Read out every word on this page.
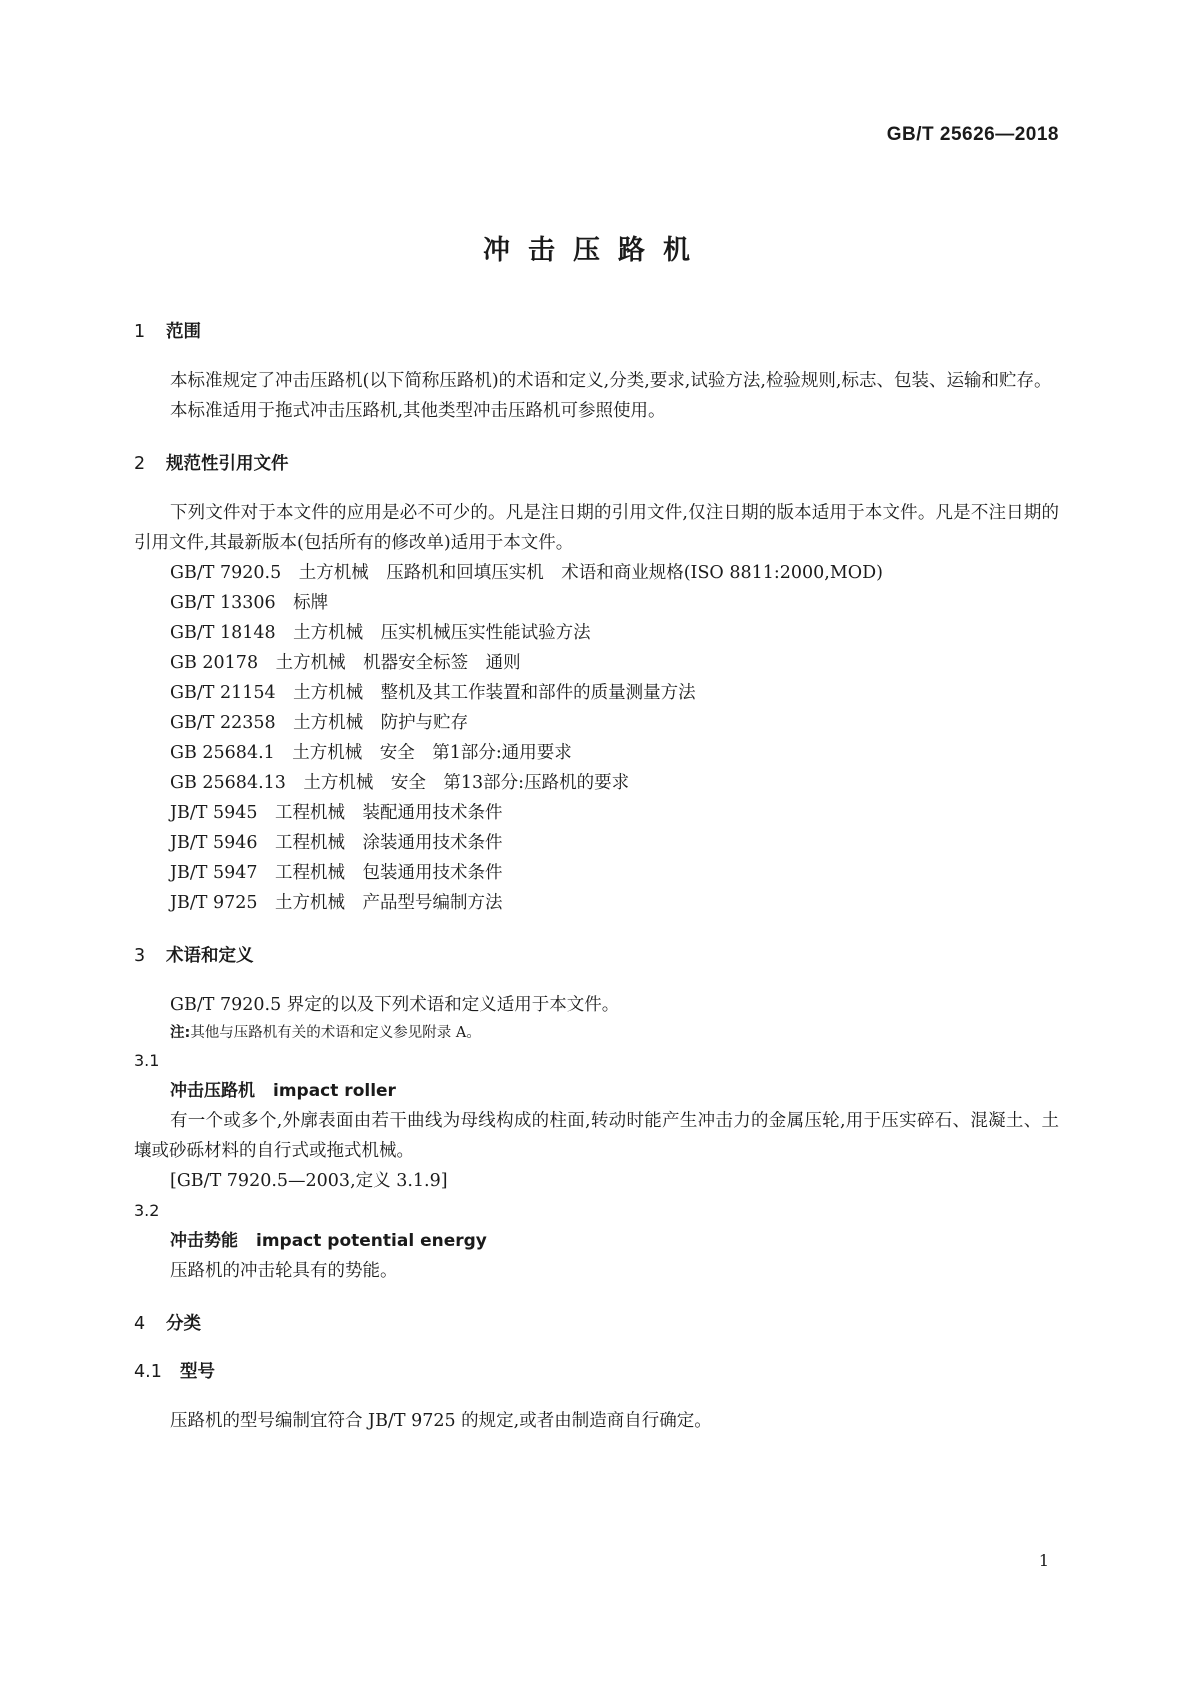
GB/T 25626—2018
冲击压路机
1 范围

本标准规定了冲击压路机(以下简称压路机)的术语和定义,分类,要求,试验方法,检验规则,标志、包装、运输和贮存。

本标准适用于拖式冲击压路机,其他类型冲击压路机可参照使用。

2 规范性引用文件

下列文件对于本文件的应用是必不可少的。凡是注日期的引用文件,仅注日期的版本适用于本文件。凡是不注日期的引用文件,其最新版本(包括所有的修改单)适用于本文件。

GB/T 7920.5　土方机械　压路机和回填压实机　术语和商业规格(ISO 8811:2000,MOD)
GB/T 13306　标牌
GB/T 18148　土方机械　压实机械压实性能试验方法
GB 20178　土方机械　机器安全标签　通则
GB/T 21154　土方机械　整机及其工作装置和部件的质量测量方法
GB/T 22358　土方机械　防护与贮存
GB 25684.1　土方机械　安全　第1部分:通用要求
GB 25684.13　土方机械　安全　第13部分:压路机的要求
JB/T 5945　工程机械　装配通用技术条件
JB/T 5946　工程机械　涂装通用技术条件
JB/T 5947　工程机械　包装通用技术条件
JB/T 9725　土方机械　产品型号编制方法
3 术语和定义

GB/T 7920.5 界定的以及下列术语和定义适用于本文件。

注:其他与压路机有关的术语和定义参见附录 A。
3.1
冲击压路机 impact roller

有一个或多个,外廓表面由若干曲线为母线构成的柱面,转动时能产生冲击力的金属压轮,用于压实碎石、混凝土、土壤或砂砾材料的自行式或拖式机械。

[GB/T 7920.5—2003,定义 3.1.9]
3.2
冲击势能 impact potential energy

压路机的冲击轮具有的势能。

4 分类
4.1 型号

压路机的型号编制宜符合 JB/T 9725 的规定,或者由制造商自行确定。

1
